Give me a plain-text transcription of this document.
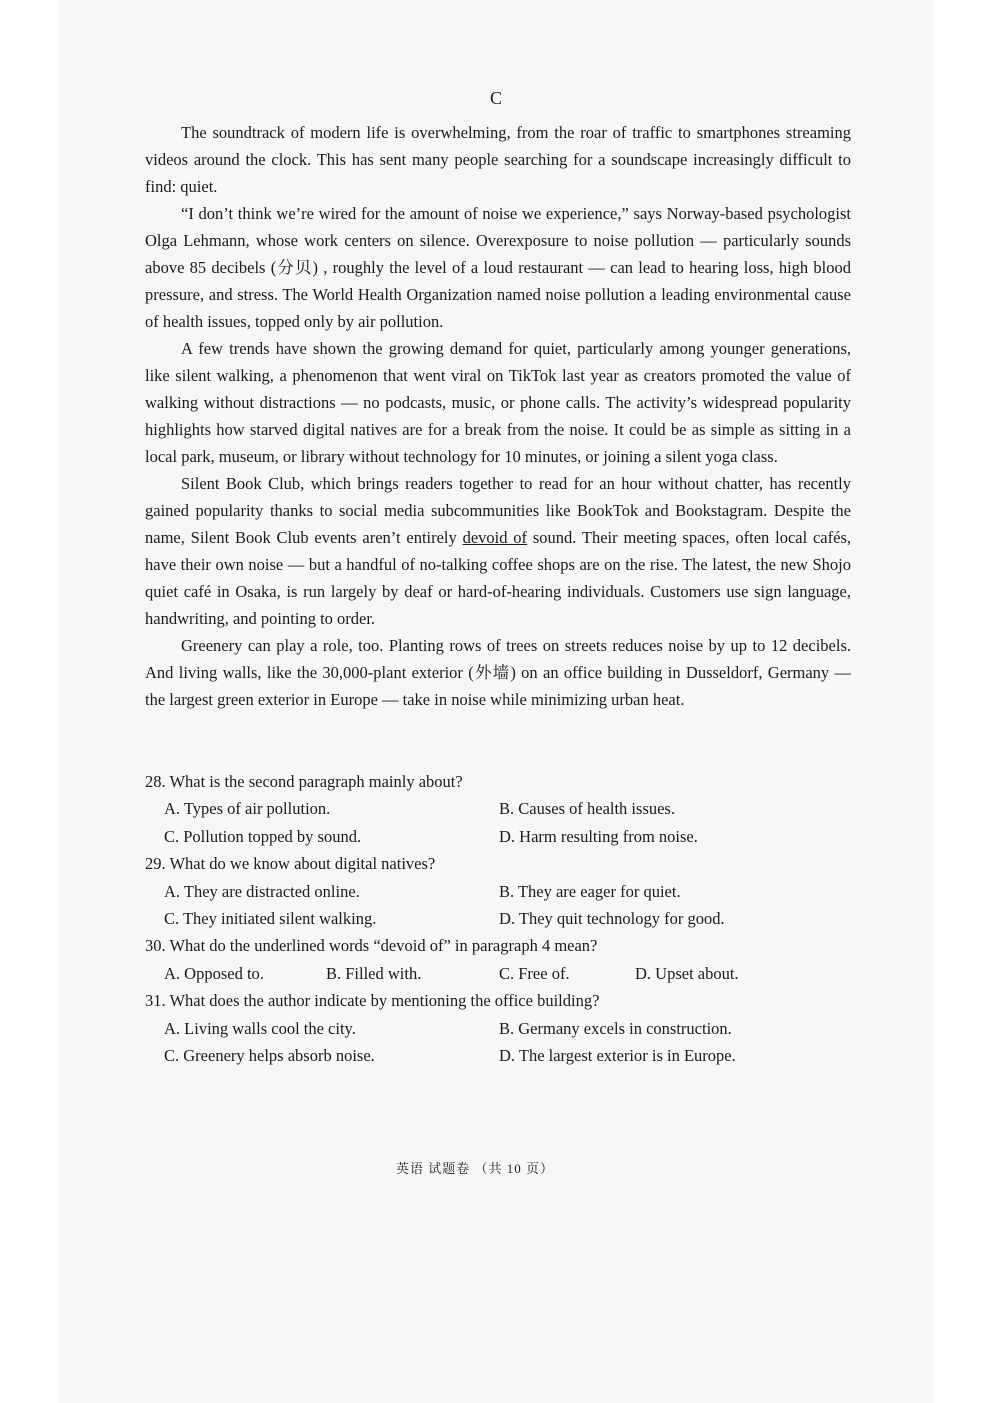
C

The soundtrack of modern life is overwhelming, from the roar of traffic to smartphones streaming videos around the clock. This has sent many people searching for a soundscape increasingly difficult to find: quiet.

“I don’t think we’re wired for the amount of noise we experience,” says Norway-based psychologist Olga Lehmann, whose work centers on silence. Overexposure to noise pollution — particularly sounds above 85 decibels (分贝) , roughly the level of a loud restaurant — can lead to hearing loss, high blood pressure, and stress. The World Health Organization named noise pollution a leading environmental cause of health issues, topped only by air pollution.

A few trends have shown the growing demand for quiet, particularly among younger generations, like silent walking, a phenomenon that went viral on TikTok last year as creators promoted the value of walking without distractions — no podcasts, music, or phone calls. The activity’s widespread popularity highlights how starved digital natives are for a break from the noise. It could be as simple as sitting in a local park, museum, or library without technology for 10 minutes, or joining a silent yoga class.

Silent Book Club, which brings readers together to read for an hour without chatter, has recently gained popularity thanks to social media subcommunities like BookTok and Bookstagram. Despite the name, Silent Book Club events aren’t entirely devoid of sound. Their meeting spaces, often local cafés, have their own noise — but a handful of no-talking coffee shops are on the rise. The latest, the new Shojo quiet café in Osaka, is run largely by deaf or hard-of-hearing individuals. Customers use sign language, handwriting, and pointing to order.

Greenery can play a role, too. Planting rows of trees on streets reduces noise by up to 12 decibels. And living walls, like the 30,000-plant exterior (外墙) on an office building in Dusseldorf, Germany — the largest green exterior in Europe — take in noise while minimizing urban heat.

28. What is the second paragraph mainly about?

A. Types of air pollution.	B. Causes of health issues.
C. Pollution topped by sound.	D. Harm resulting from noise.

29. What do we know about digital natives?

A. They are distracted online.	B. They are eager for quiet.
C. They initiated silent walking.	D. They quit technology for good.

30. What do the underlined words “devoid of” in paragraph 4 mean?

A. Opposed to.	B. Filled with.	C. Free of.	D. Upset about.

31. What does the author indicate by mentioning the office building?

A. Living walls cool the city.	B. Germany excels in construction.
C. Greenery helps absorb noise.	D. The largest exterior is in Europe.
英语 试题卷 （共 10 页）
